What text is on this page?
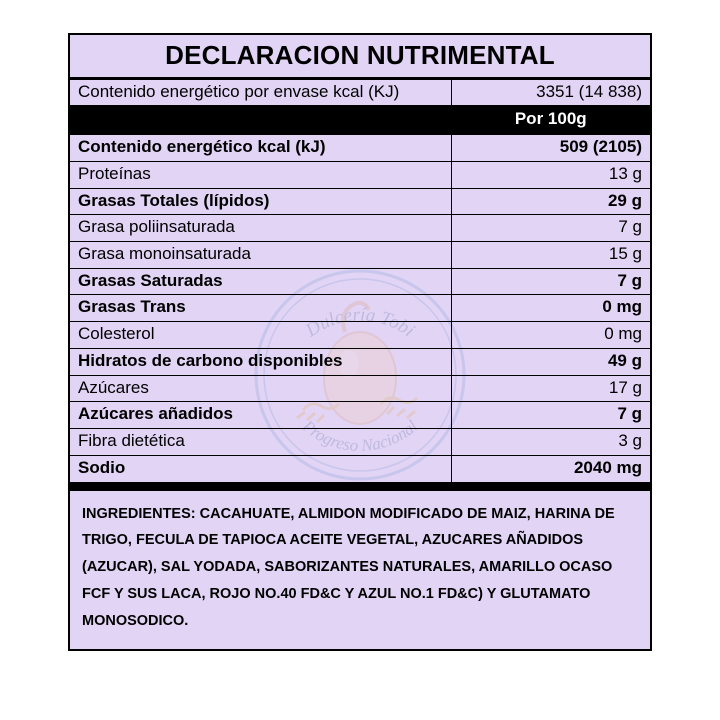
Dulcería Tobi
Progreso Nacional
DECLARACION NUTRIMENTAL
Contenido energético por envase kcal (KJ)	3351 (14 838)
	Por 100g
Contenido energético kcal (kJ)	509 (2105)
Proteínas	13 g
Grasas Totales (lípidos)	29 g
Grasa poliinsaturada	7 g
Grasa monoinsaturada	15 g
Grasas Saturadas	7 g
Grasas Trans	0 mg
Colesterol	0 mg
Hidratos de carbono disponibles	49 g
Azúcares	17 g
Azúcares añadidos	7 g
Fibra dietética	3 g
Sodio	2040 mg

INGREDIENTES: CACAHUATE, ALMIDON MODIFICADO DE MAIZ, HARINA DE TRIGO, FECULA DE TAPIOCA ACEITE VEGETAL, AZUCARES AÑADIDOS (AZUCAR), SAL YODADA, SABORIZANTES NATURALES, AMARILLO OCASO FCF Y SUS LACA, ROJO NO.40 FD&C Y AZUL NO.1 FD&C) Y GLUTAMATO MONOSODICO.
